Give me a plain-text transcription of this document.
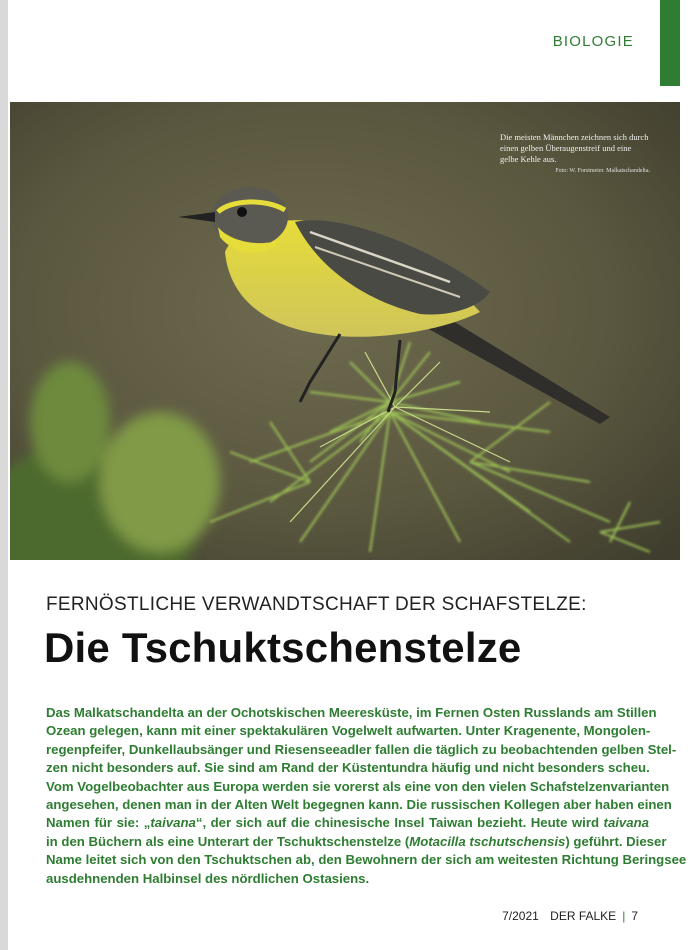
BIOLOGIE
Die meisten Männchen zeichnen sich durch einen gelben Überaugenstreif und eine gelbe Kehle aus.
Foto: W. Forstmeier. Malkatschandelta.
FERNÖSTLICHE VERWANDTSCHAFT DER SCHAFSTELZE:
Die Tschuktschenstelze
Das Malkatschandelta an der Ochotskischen Meeresküste, im Fernen Osten Russlands am Stillen
Ozean gelegen, kann mit einer spektakulären Vogelwelt aufwarten. Unter Kragenente, Mongolen-
regenpfeifer, Dunkellaubsänger und Riesenseeadler fallen die täglich zu beobachtenden gelben Stel-
zen nicht besonders auf. Sie sind am Rand der Küstentundra häufig und nicht besonders scheu.
Vom Vogelbeobachter aus Europa werden sie vorerst als eine von den vielen Schafstelzenvarianten
angesehen, denen man in der Alten Welt begegnen kann. Die russischen Kollegen aber haben einen
Namen für sie: „taivana“, der sich auf die chinesische Insel Taiwan bezieht. Heute wird taivana
in den Büchern als eine Unterart der Tschuktschenstelze (Motacilla tschutschensis) geführt. Dieser
Name leitet sich von den Tschuktschen ab, den Bewohnern der sich am weitesten Richtung Beringsee
ausdehnenden Halbinsel des nördlichen Ostasiens.
7/2021 DER FALKE | 7
